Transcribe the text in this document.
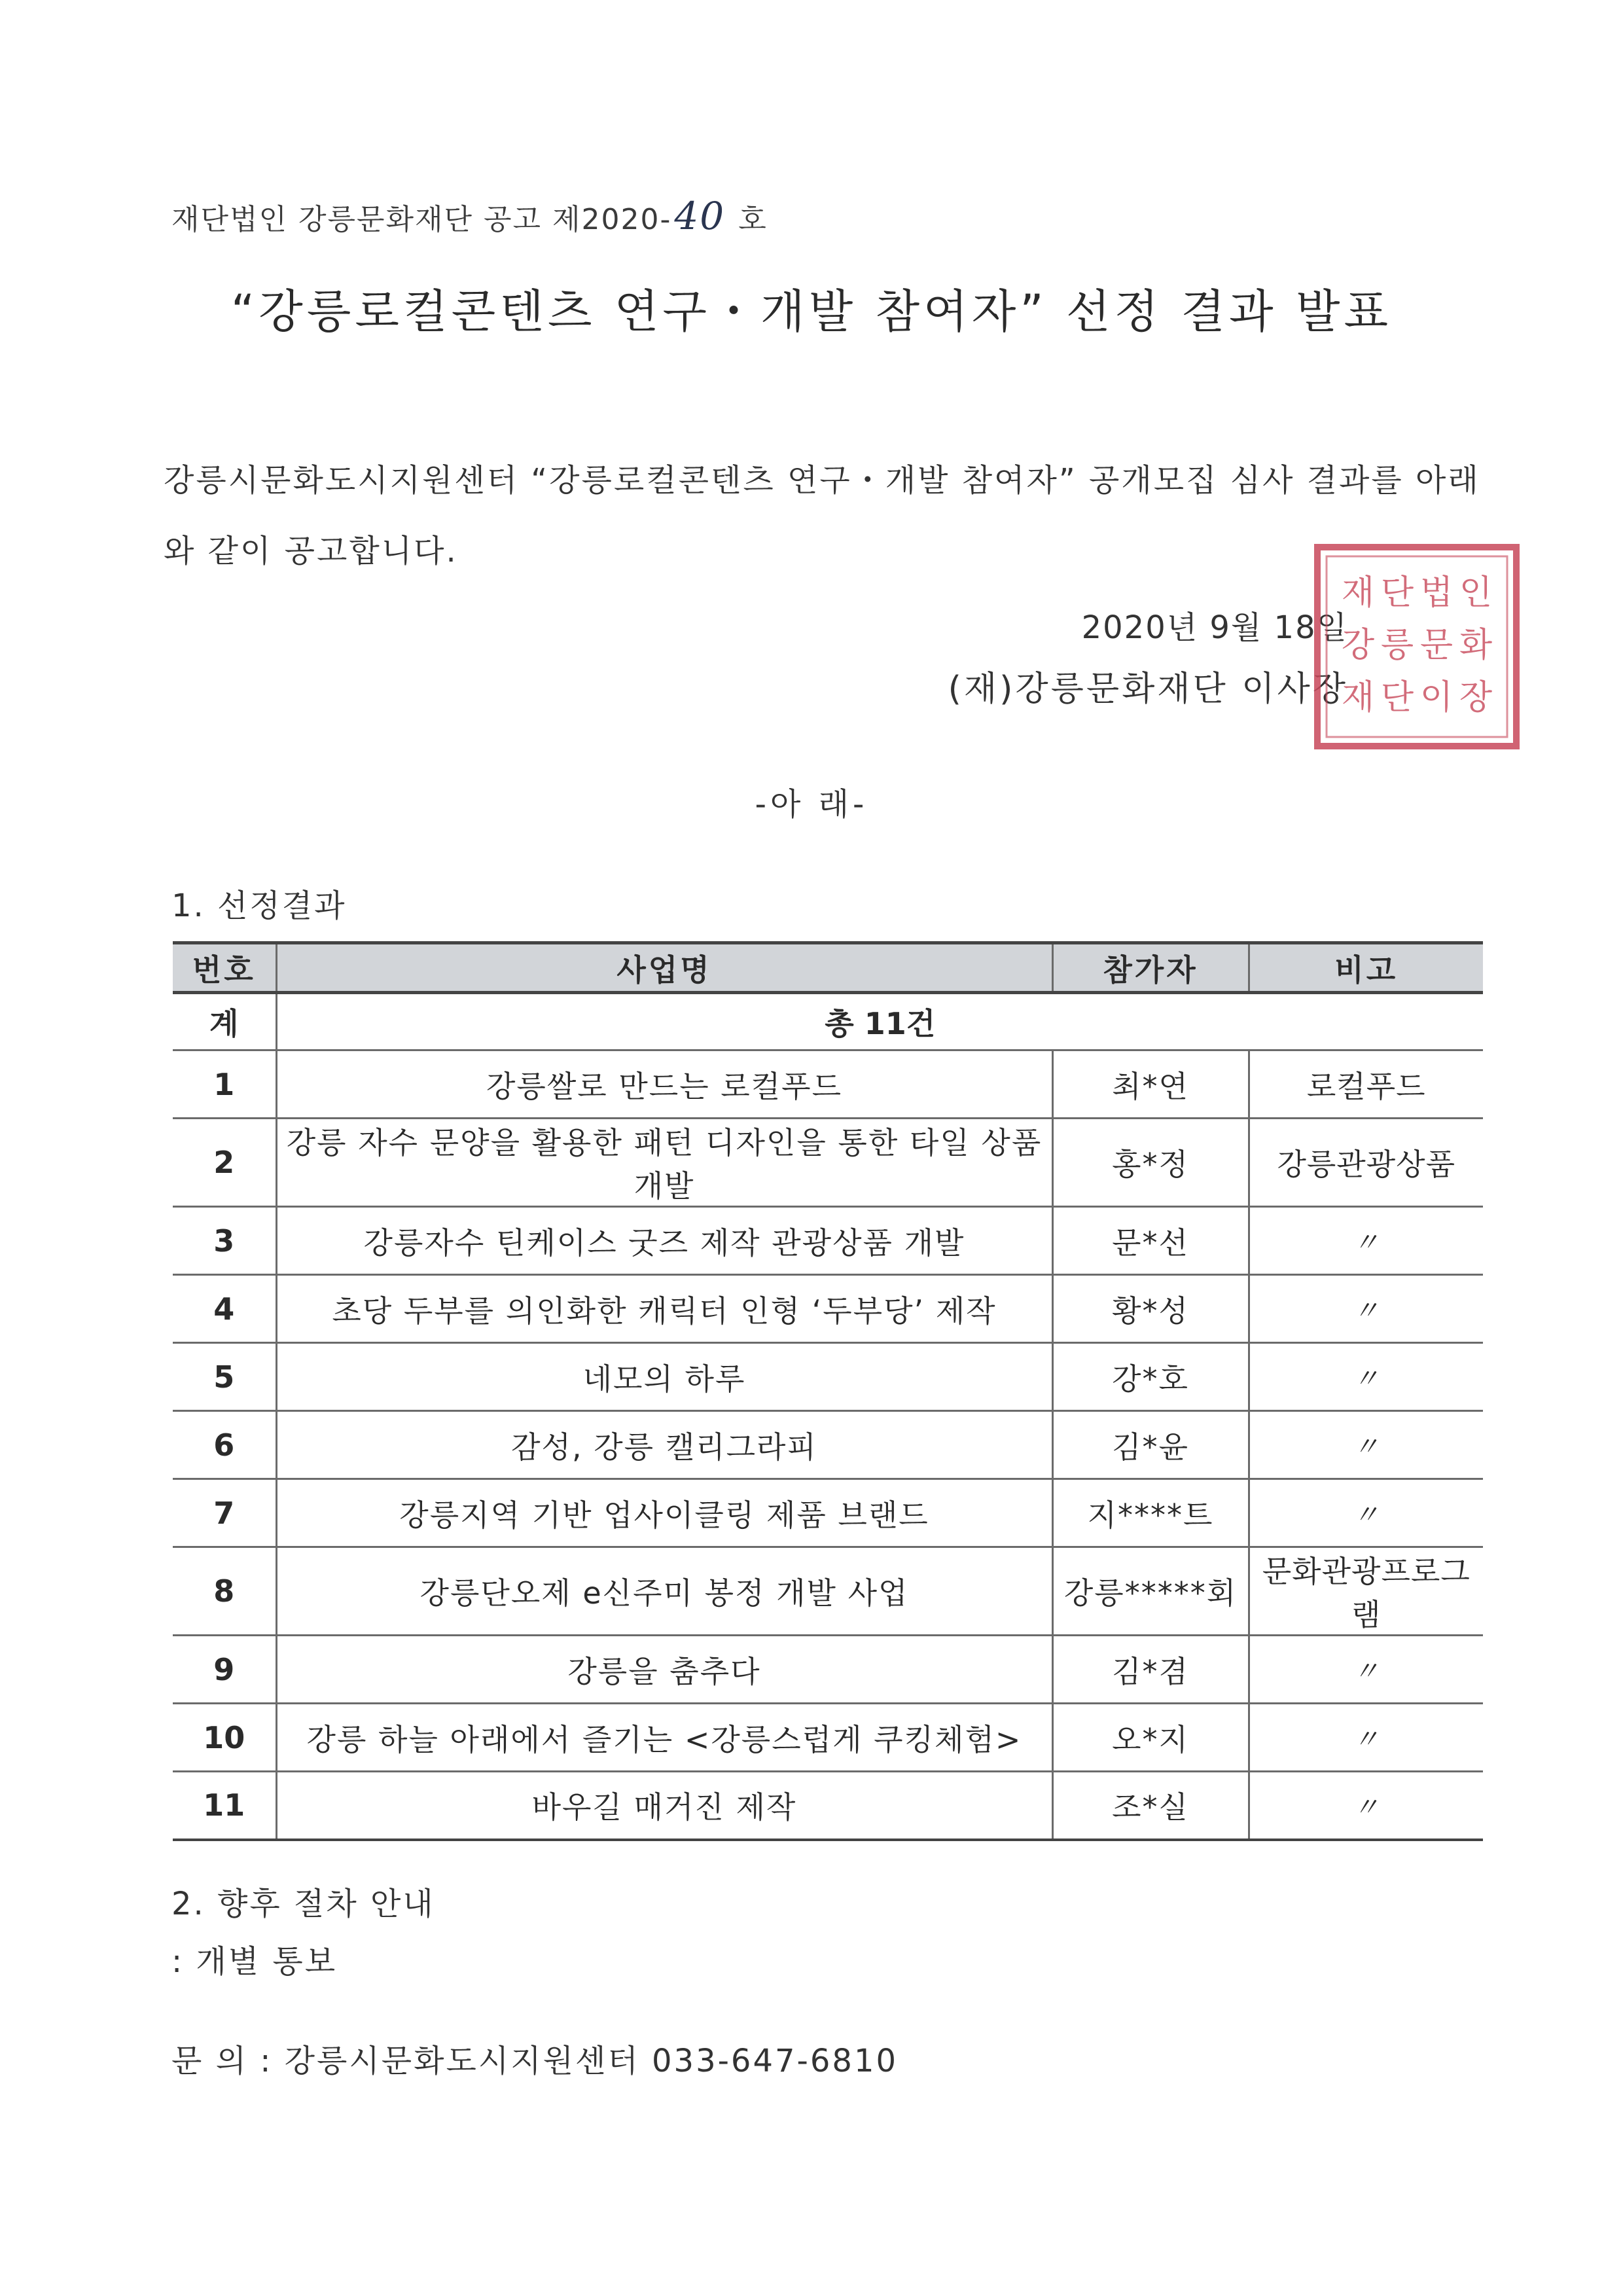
재단법인 강릉문화재단 공고 제2020-40 호
“강릉로컬콘텐츠 연구・개발 참여자” 선정 결과 발표
강릉시문화도시지원센터 “강릉로컬콘텐츠 연구・개발 참여자” 공개모집 심사 결과를 아래와 같이 공고합니다.
2020년 9월 18일
(재)강릉문화재단 이사장
재 단 법 인
강 릉 문 화
재 단 이 장
-아 래-
1. 선정결과
번호	사업명	참가자	비고
계	총 11건		
1	강릉쌀로 만드는 로컬푸드	최*연	로컬푸드
2	강릉 자수 문양을 활용한 패턴 디자인을 통한 타일 상품 개발	홍*정	강릉관광상품
3	강릉자수 틴케이스 굿즈 제작 관광상품 개발	문*선	〃
4	초당 두부를 의인화한 캐릭터 인형 ‘두부당’ 제작	황*성	〃
5	네모의 하루	강*호	〃
6	감성, 강릉 캘리그라피	김*윤	〃
7	강릉지역 기반 업사이클링 제품 브랜드	지****트	〃
8	강릉단오제 e신주미 봉정 개발 사업	강릉*****회	문화관광프로그램
9	강릉을 춤추다	김*겸	〃
10	강릉 하늘 아래에서 즐기는 <강릉스럽게 쿠킹체험>	오*지	〃
11	바우길 매거진 제작	조*실	〃
2. 향후 절차 안내
: 개별 통보
문 의 : 강릉시문화도시지원센터 033-647-6810
